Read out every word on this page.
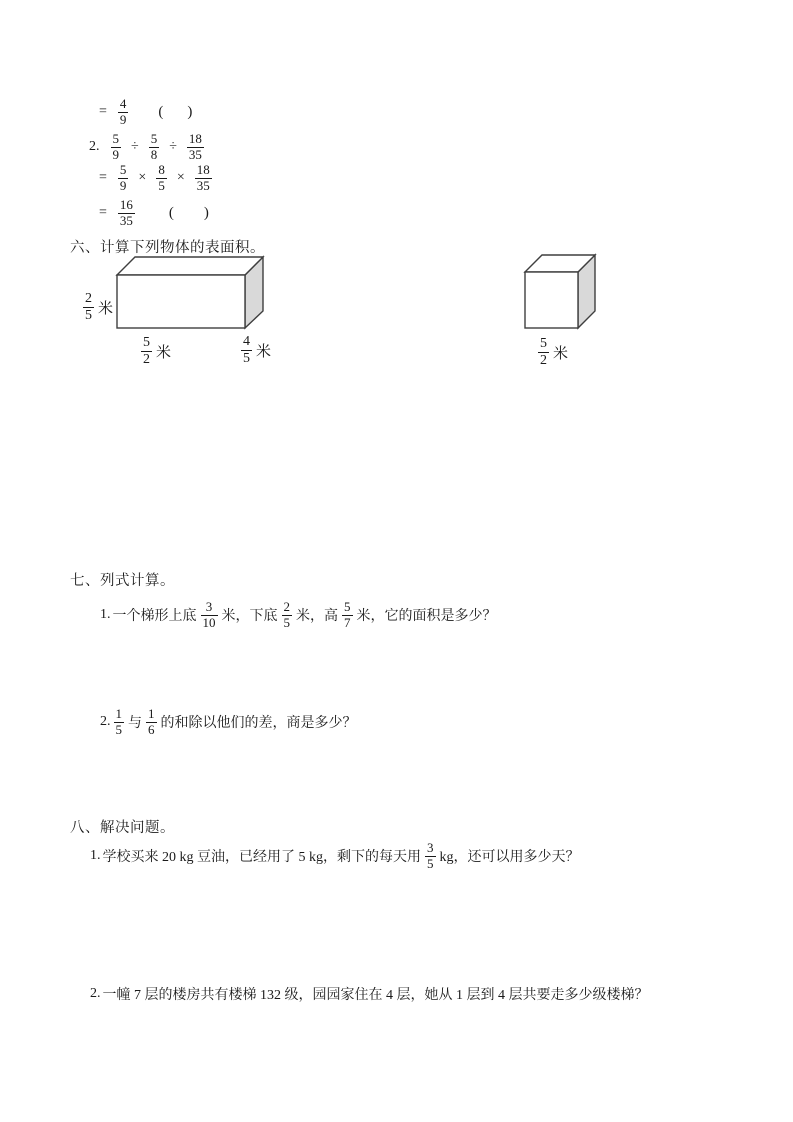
= $\frac{4}{9}$ ( )
2. $\frac{5}{9} \div \frac{5}{8} \div \frac{18}{35}$
= $\frac{5}{9} \times \frac{8}{5} \times \frac{18}{35}$
= $\frac{16}{35}$ ( )
六、计算下列物体的表面积。
$\frac{2}{5}$ 米
$\frac{5}{2}$ 米	$\frac{4}{5}$ 米	$\frac{5}{2}$ 米
七、列式计算。
1. 一个梯形上底 $\frac{3}{10}$ 米，下底 $\frac{2}{5}$ 米，高 $\frac{5}{7}$ 米，它的面积是多少？
2. $\frac{1}{5}$ 与 $\frac{1}{6}$ 的和除以他们的差，商是多少？
八、解决问题。
1. 学校买来 20 kg 豆油，已经用了 5 kg，剩下的每天用 $\frac{3}{5}$ kg，还可以用多少天？
2. 一幢 7 层的楼房共有楼梯 132 级，园园家住在 4 层，她从 1 层到 4 层共要走多少级楼梯？
